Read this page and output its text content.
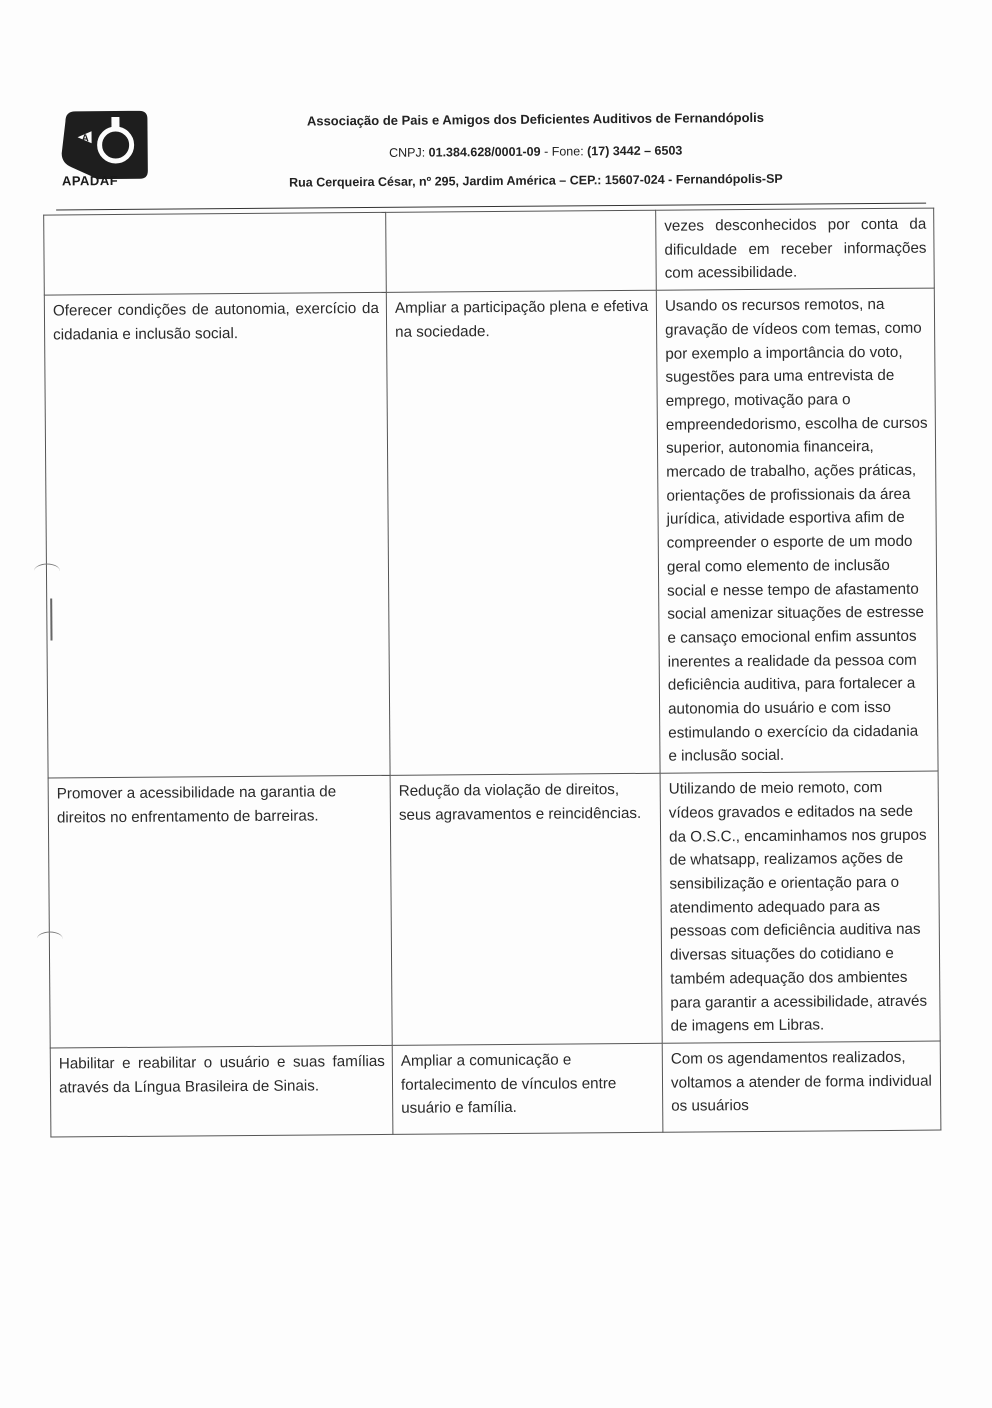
A
APADAF
Associação de Pais e Amigos dos Deficientes Auditivos de Fernandópolis
CNPJ: 01.384.628/0001-09 - Fone: (17) 3442 – 6503
Rua Cerqueira César, nº 295, Jardim América – CEP.: 15607-024 - Fernandópolis-SP
		vezes desconhecidos por conta da dificuldade em receber informações com acessibilidade.
Oferecer condições de autonomia, exercício da cidadania e inclusão social.	Ampliar a participação plena e efetiva na sociedade.	Usando os recursos remotos, na gravação de vídeos com temas, como por exemplo a importância do voto, sugestões para uma entrevista de emprego, motivação para o empreendedorismo, escolha de cursos superior, autonomia financeira, mercado de trabalho, ações práticas, orientações de profissionais da área jurídica, atividade esportiva afim de compreender o esporte de um modo geral como elemento de inclusão social e nesse tempo de afastamento social amenizar situações de estresse e cansaço emocional enfim assuntos inerentes a realidade da pessoa com deficiência auditiva, para fortalecer a autonomia do usuário e com isso estimulando o exercício da cidadania e inclusão social.
Promover a acessibilidade na garantia de direitos no enfrentamento de barreiras.	Redução da violação de direitos, seus agravamentos e reincidências.	Utilizando de meio remoto, com vídeos gravados e editados na sede da O.S.C., encaminhamos nos grupos de whatsapp, realizamos ações de sensibilização e orientação para o atendimento adequado para as pessoas com deficiência auditiva nas diversas situações do cotidiano e também adequação dos ambientes para garantir a acessibilidade, através de imagens em Libras.
Habilitar e reabilitar o usuário e suas famílias através da Língua Brasileira de Sinais.	Ampliar a comunicação e fortalecimento de vínculos entre usuário e família.	Com os agendamentos realizados, voltamos a atender de forma individual os usuários
